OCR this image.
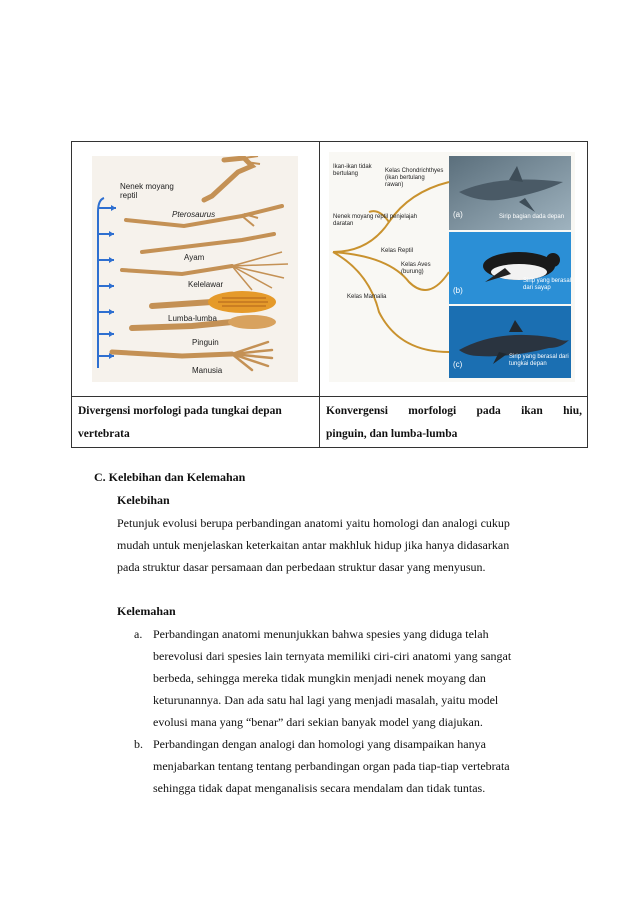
Nenek moyang
reptil
Pterosaurus
Ayam
Kelelawar
Lumba-lumba
Pinguin
Manusia
Ikan-ikan tidak
bertulang	Kelas Chondrichthyes
(ikan bertulang
rawan)
Nenek moyang reptil penjelajah
daratan
Kelas Reptil
Kelas Aves
(burung)
Kelas Mamalia
(a)
(b)
(c)
Sirip bagian dada depan
Sirip yang berasal
dari sayap
Sirip yang berasal dari
tungkai depan
Divergensi morfologi pada tungkai depan
vertebrata
Konvergensi morfologi pada ikan hiu,
pinguin, dan lumba-lumba
C. Kelebihan dan Kelemahan
Kelebihan
Petunjuk evolusi berupa perbandingan anatomi yaitu homologi dan analogi cukup
mudah untuk menjelaskan keterkaitan antar makhluk hidup jika hanya didasarkan
pada struktur dasar persamaan dan perbedaan struktur dasar yang menyusun.
Kelemahan
a. Perbandingan anatomi menunjukkan bahwa spesies yang diduga telah
berevolusi dari spesies lain ternyata memiliki ciri-ciri anatomi yang sangat
berbeda, sehingga mereka tidak mungkin menjadi nenek moyang dan
keturunannya. Dan ada satu hal lagi yang menjadi masalah, yaitu model
evolusi mana yang “benar” dari sekian banyak model yang diajukan.
b. Perbandingan dengan analogi dan homologi yang disampaikan hanya
menjabarkan tentang tentang perbandingan organ pada tiap-tiap vertebrata
sehingga tidak dapat menganalisis secara mendalam dan tidak tuntas.
